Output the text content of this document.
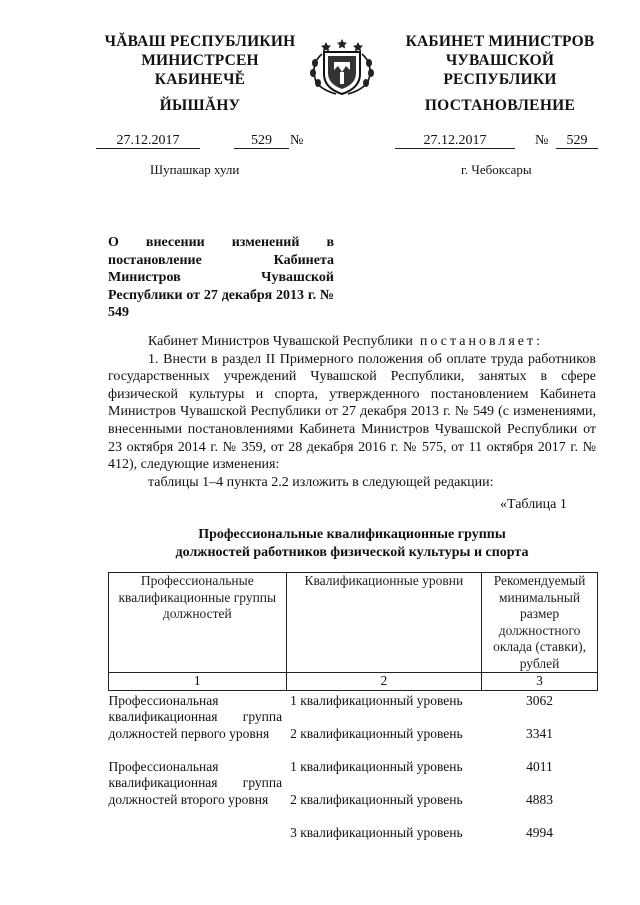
ЧĂВАШ РЕСПУБЛИКИН
МИНИСТРСЕН КАБИНЕЧĚ
ЙЫШĂНУ
КАБИНЕТ МИНИСТРОВ
ЧУВАШСКОЙ РЕСПУБЛИКИ
ПОСТАНОВЛЕНИЕ
27.12.2017	529	№	27.12.2017	№	529
Шупашкар хули	г. Чебоксары
О внесении изменений в постановление Кабинета Министров Чувашской Республики от 27 декабря 2013 г. № 549

Кабинет Министров Чувашской Республики постановляет:

1. Внести в раздел II Примерного положения об оплате труда работников государственных учреждений Чувашской Республики, занятых в сфере физической культуры и спорта, утвержденного постановлением Кабинета Министров Чувашской Республики от 27 декабря 2013 г. № 549 (с изменениями, внесенными постановлениями Кабинета Министров Чувашской Республики от 23 октября 2014 г. № 359, от 28 декабря 2016 г. № 575, от 11 октября 2017 г. № 412), следующие изменения:

таблицы 1–4 пункта 2.2 изложить в следующей редакции:

«Таблица 1
Профессиональные квалификационные группы
должностей работников физической культуры и спорта
Профессиональные квалификационные группы должностей	Квалификационные уровни	Рекомендуемый минимальный размер должностного оклада (ставки), рублей
1	2	3
Профессиональная квалификационная группа должностей первого уровня	1 квалификационный уровень	3062
	2 квалификационный уровень	3341
Профессиональная квалификационная группа должностей второго уровня	1 квалификационный уровень	4011
	2 квалификационный уровень	4883
	3 квалификационный уровень	4994
